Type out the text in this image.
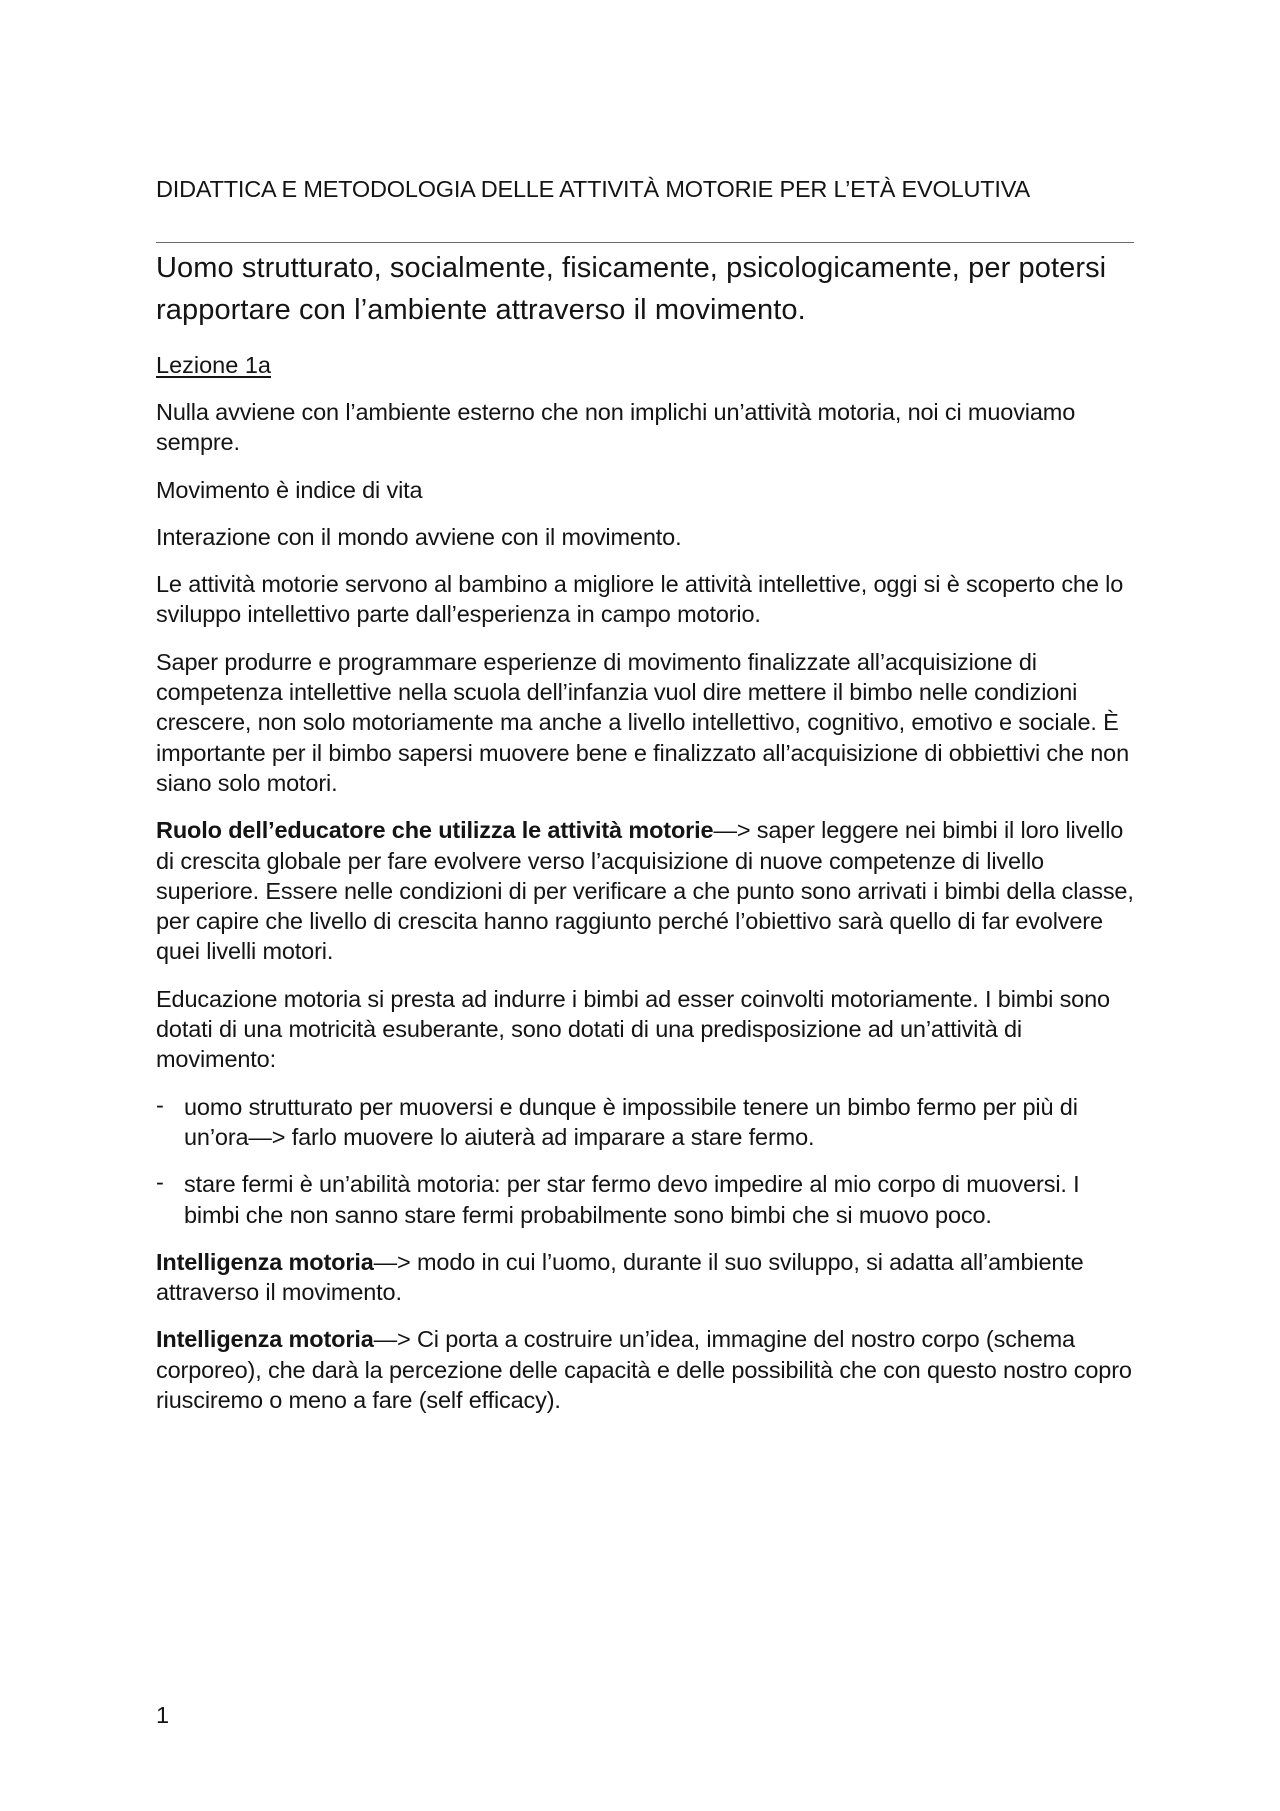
DIDATTICA E METODOLOGIA DELLE ATTIVITÀ MOTORIE PER L’ETÀ EVOLUTIVA
Uomo strutturato, socialmente, fisicamente, psicologicamente, per potersi rapportare con l’ambiente attraverso il movimento.
Lezione 1a

Nulla avviene con l’ambiente esterno che non implichi un’attività motoria, noi ci muoviamo sempre.

Movimento è indice di vita

Interazione con il mondo avviene con il movimento.

Le attività motorie servono al bambino a migliore le attività intellettive, oggi si è scoperto che lo sviluppo intellettivo parte dall’esperienza in campo motorio.

Saper produrre e programmare esperienze di movimento finalizzate all’acquisizione di competenza intellettive nella scuola dell’infanzia vuol dire mettere il bimbo nelle condizioni crescere, non solo motoriamente ma anche a livello intellettivo, cognitivo, emotivo e sociale. È importante per il bimbo sapersi muovere bene e finalizzato all’acquisizione di obbiettivi che non siano solo motori.

Ruolo dell’educatore che utilizza le attività motorie—> saper leggere nei bimbi il loro livello di crescita globale per fare evolvere verso l’acquisizione di nuove competenze di livello superiore. Essere nelle condizioni di per verificare a che punto sono arrivati i bimbi della classe, per capire che livello di crescita hanno raggiunto perché l’obiettivo sarà quello di far evolvere quei livelli motori.

Educazione motoria si presta ad indurre i bimbi ad esser coinvolti motoriamente. I bimbi sono dotati di una motricità esuberante, sono dotati di una predisposizione ad un’attività di movimento:

- uomo strutturato per muoversi e dunque è impossibile tenere un bimbo fermo per più di un’ora—> farlo muovere lo aiuterà ad imparare a stare fermo.
- stare fermi è un’abilità motoria: per star fermo devo impedire al mio corpo di muoversi. I bimbi che non sanno stare fermi probabilmente sono bimbi che si muovo poco.

Intelligenza motoria—> modo in cui l’uomo, durante il suo sviluppo, si adatta all’ambiente attraverso il movimento.

Intelligenza motoria—> Ci porta a costruire un’idea, immagine del nostro corpo (schema corporeo), che darà la percezione delle capacità e delle possibilità che con questo nostro copro riusciremo o meno a fare (self efficacy).

1
